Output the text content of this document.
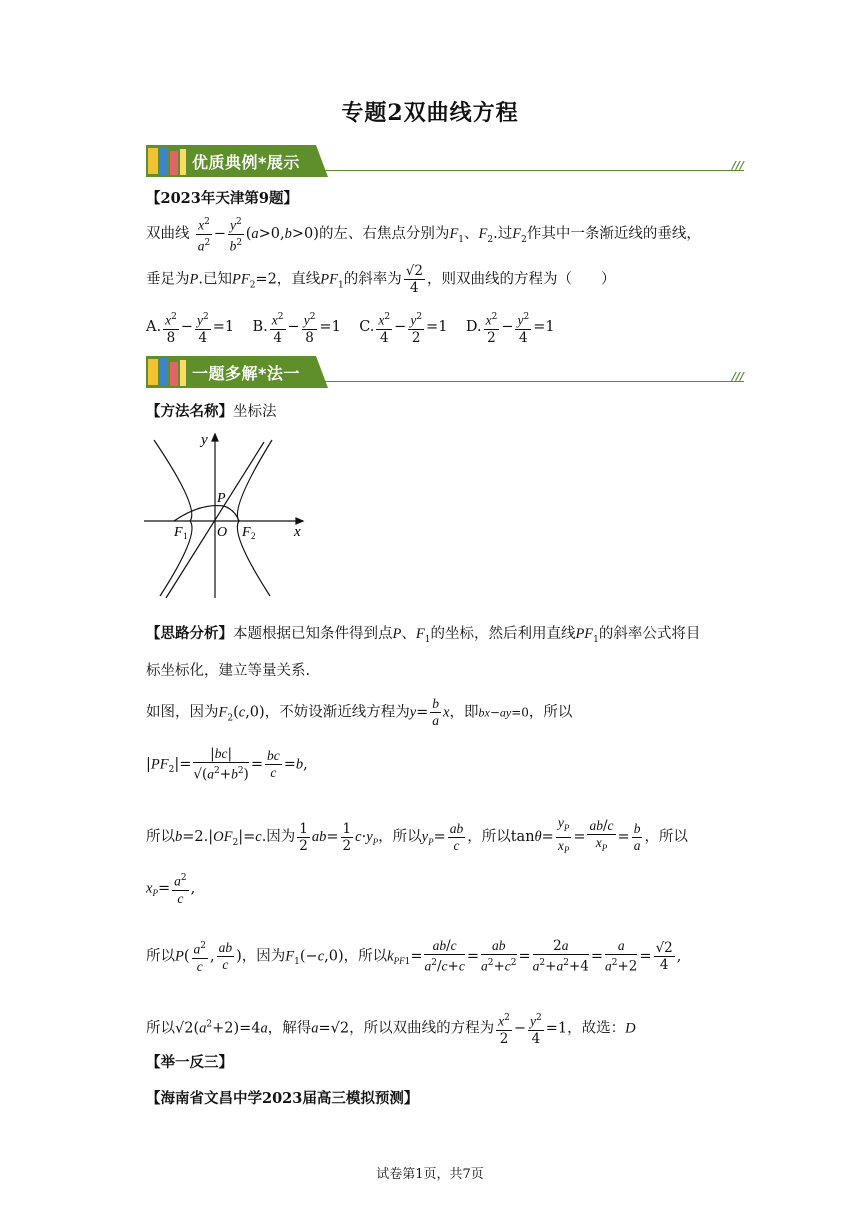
专题2双曲线方程
优质典例*展示	///
【2023年天津第9题】
双曲线 $\frac{x^2}{a^2} - \frac{y^2}{b^2} (a>0,b>0)$的左、右焦点分别为$F_1$、$F_2$.过$F_2$作其中一条渐近线的垂线，
垂足为P.已知$PF_2=2$，直线$PF_1$的斜率为 $\frac{√2}{4}$ ，则双曲线的方程为（　　）
A. $\frac{x^2}{8} - \frac{y^2}{4} =1$ B. $\frac{x^2}{4} - \frac{y^2}{8} =1$ C. $\frac{x^2}{4} - \frac{y^2}{2} =1$ D. $\frac{x^2}{2} - \frac{y^2}{4} =1$
一题多解*法一	///
【方法名称】坐标法
y
x
P
O
F 1	F 2
【思路分析】本题根据已知条件得到点P、$F_1$的坐标，然后利用直线$PF_1$的斜率公式将目
标坐标化，建立等量关系.
如图，因为$F_2(c,0)$，不妨设渐近线方程为$y= \frac{b}{a}$ x，即bx−ay=0，所以
$|PF_2|= \frac{|bc|}{√(a^2+b^2)} = \frac{bc}{c} =b$,
所以$b=2.|OF_2|=c$.因为 $\frac{1}{2} ab= \frac{1}{2} c\cdot y_P$，所以$y_P= \frac{ab}{c}$ ，所以$\tan\theta= \frac{y_P}{x_P} = \frac{ab/c}{x_P} = \frac{b}{a}$ ，所以
$x_P= \frac{a^2}{c}$ ,
所以$P( \frac{a^2}{c}$ , $\frac{ab}{c}$ )，因为$F_1(-c,0)$，所以$k_{PF1}= \frac{ab/c}{a^2/c+c} = \frac{ab}{a^2+c^2} = \frac{2a}{a^2+a^2+4} = \frac{a}{a^2+2} = \frac{√2}{4}$ ,
所以$√2(a^2+2)=4a$，解得a=√2，所以双曲线的方程为 $\frac{x^2}{2} - \frac{y^2}{4} =1$，故选：D
【举一反三】
【海南省文昌中学2023届高三模拟预测】
试卷第1页，共7页
